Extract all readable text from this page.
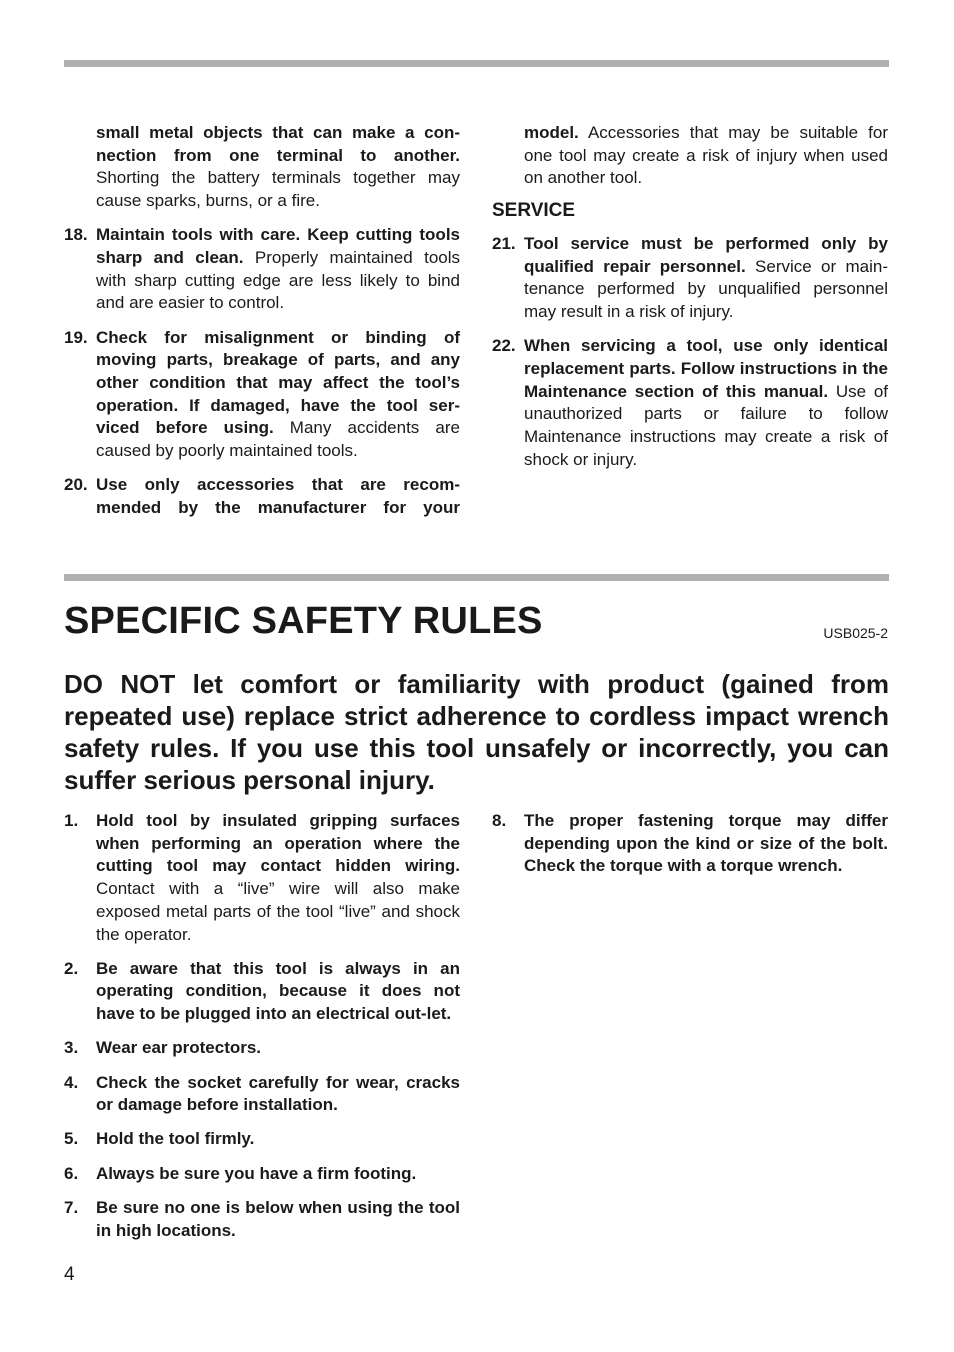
small metal objects that can make a con-nection from one terminal to another. Shorting the battery terminals together may cause sparks, burns, or a fire.

18. Maintain tools with care. Keep cutting tools sharp and clean. Properly maintained tools with sharp cutting edge are less likely to bind and are easier to control.
19. Check for misalignment or binding of moving parts, breakage of parts, and any other condition that may affect the tool’s operation. If damaged, have the tool ser-viced before using. Many accidents are caused by poorly maintained tools.
20. Use only accessories that are recom-mended by the manufacturer for your

model. Accessories that may be suitable for one tool may create a risk of injury when used on another tool.

SERVICE
21. Tool service must be performed only by qualified repair personnel. Service or main-tenance performed by unqualified personnel may result in a risk of injury.
22. When servicing a tool, use only identical replacement parts. Follow instructions in the Maintenance section of this manual. Use of unauthorized parts or failure to follow Maintenance instructions may create a risk of shock or injury.
SPECIFIC SAFETY RULES	USB025-2

DO NOT let comfort or familiarity with product (gained from repeated use) replace strict adherence to cordless impact wrench safety rules. If you use this tool unsafely or incorrectly, you can suffer serious personal injury.

1. Hold tool by insulated gripping surfaces when performing an operation where the cutting tool may contact hidden wiring. Contact with a “live” wire will also make exposed metal parts of the tool “live” and shock the operator.
2. Be aware that this tool is always in an operating condition, because it does not have to be plugged into an electrical out-let.
3. Wear ear protectors.
4. Check the socket carefully for wear, cracks or damage before installation.
5. Hold the tool firmly.
6. Always be sure you have a firm footing.
7. Be sure no one is below when using the tool in high locations.
8. The proper fastening torque may differ depending upon the kind or size of the bolt. Check the torque with a torque wrench.
4
